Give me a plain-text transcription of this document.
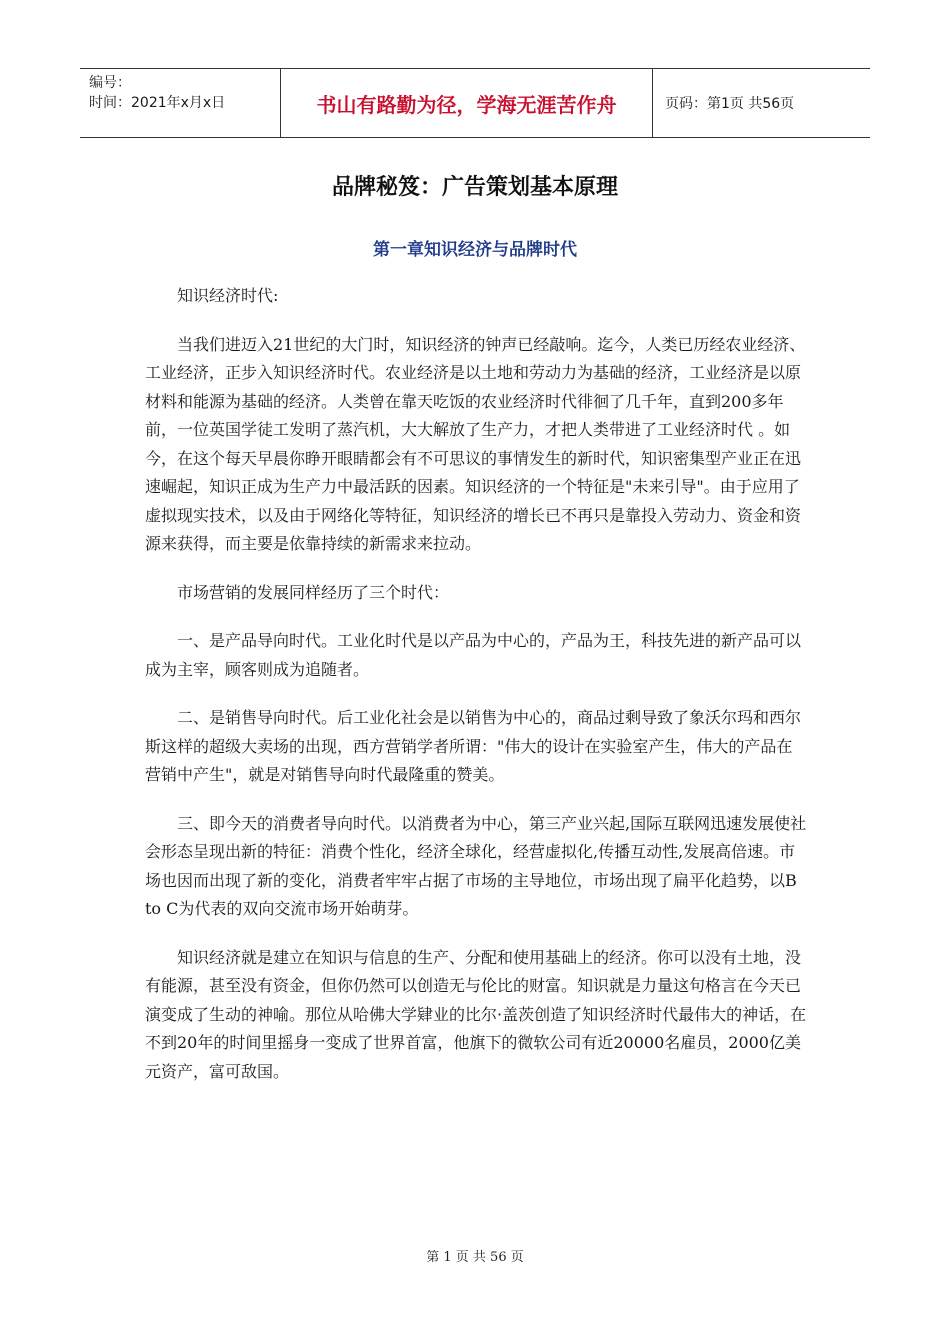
编号：
时间：2021年x月x日	书山有路勤为径，学海无涯苦作舟	页码：第1页 共56页
品牌秘笈：广告策划基本原理
第一章知识经济与品牌时代

知识经济时代:

当我们进迈入21世纪的大门时，知识经济的钟声已经敲响。迄今，人类已历经农业经济、工业经济，正步入知识经济时代。农业经济是以土地和劳动力为基础的经济，工业经济是以原材料和能源为基础的经济。人类曾在靠天吃饭的农业经济时代徘徊了几千年，直到200多年前，一位英国学徒工发明了蒸汽机，大大解放了生产力，才把人类带进了工业经济时代 。如今，在这个每天早晨你睁开眼睛都会有不可思议的事情发生的新时代，知识密集型产业正在迅速崛起，知识正成为生产力中最活跃的因素。知识经济的一个特征是"未来引导"。由于应用了虚拟现实技术，以及由于网络化等特征，知识经济的增长已不再只是靠投入劳动力、资金和资源来获得，而主要是依靠持续的新需求来拉动。

市场营销的发展同样经历了三个时代：

一、是产品导向时代。工业化时代是以产品为中心的，产品为王，科技先进的新产品可以成为主宰，顾客则成为追随者。

二、是销售导向时代。后工业化社会是以销售为中心的，商品过剩导致了象沃尔玛和西尔斯这样的超级大卖场的出现，西方营销学者所谓："伟大的设计在实验室产生，伟大的产品在营销中产生"，就是对销售导向时代最隆重的赞美。

三、即今天的消费者导向时代。以消费者为中心，第三产业兴起,国际互联网迅速发展使社会形态呈现出新的特征：消费个性化，经济全球化，经营虚拟化,传播互动性,发展高倍速。市场也因而出现了新的变化，消费者牢牢占据了市场的主导地位，市场出现了扁平化趋势，以B to C为代表的双向交流市场开始萌芽。

知识经济就是建立在知识与信息的生产、分配和使用基础上的经济。你可以没有土地，没有能源，甚至没有资金，但你仍然可以创造无与伦比的财富。知识就是力量这句格言在今天已演变成了生动的神喻。那位从哈佛大学肄业的比尔·盖茨创造了知识经济时代最伟大的神话，在不到20年的时间里摇身一变成了世界首富，他旗下的微软公司有近20000名雇员，2000亿美元资产，富可敌国。

第 1 页 共 56 页
